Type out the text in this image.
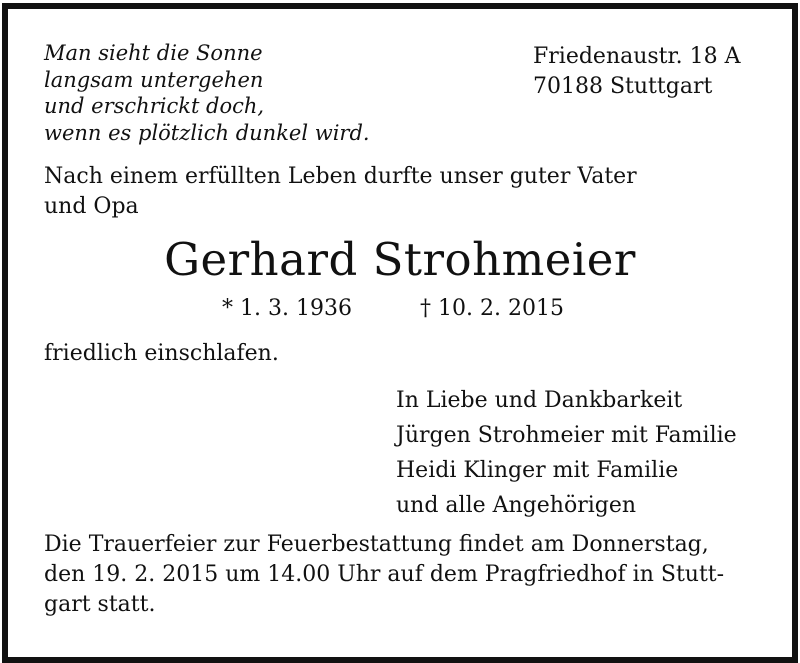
Man sieht die Sonne
langsam untergehen
und erschrickt doch,
wenn es plötzlich dunkel wird.
Friedenaustr. 18 A
70188 Stuttgart
Nach einem erfüllten Leben durfte unser guter Vater
und Opa
Gerhard Strohmeier
* 1. 3. 1936	† 10. 2. 2015
friedlich einschlafen.
In Liebe und Dankbarkeit
Jürgen Strohmeier mit Familie
Heidi Klinger mit Familie
und alle Angehörigen
Die Trauerfeier zur Feuerbestattung findet am Donnerstag,
den 19. 2. 2015 um 14.00 Uhr auf dem Pragfriedhof in Stutt-
gart statt.
